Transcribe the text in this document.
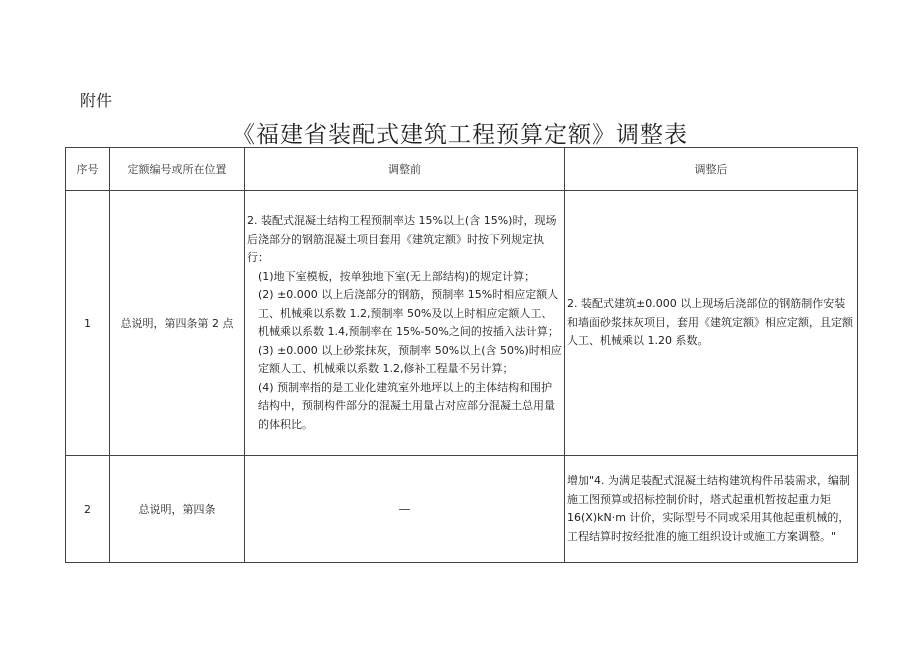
附件
《福建省装配式建筑工程预算定额》调整表
序号	定额编号或所在位置	调整前	调整后
1	总说明，第四条第 2 点	2. 装配式混凝土结构工程预制率达 15%以上(含 15%)时，现场后浇部分的钢筋混凝土项目套用《建筑定额》时按下列规定执行：
(1)地下室模板，按单独地下室(无上部结构)的规定计算；
(2) ±0.000 以上后浇部分的钢筋，预制率 15%时相应定额人工、机械乘以系数 1.2,预制率 50%及以上时相应定额人工、机械乘以系数 1.4,预制率在 15%-50%之间的按插入法计算；
(3) ±0.000 以上砂浆抹灰，预制率 50%以上(含 50%)时相应定额人工、机械乘以系数 1.2,修补工程量不另计算；
(4) 预制率指的是工业化建筑室外地坪以上的主体结构和围护结构中，预制构件部分的混凝土用量占对应部分混凝土总用量的体积比。	2. 装配式建筑±0.000 以上现场后浇部位的钢筋制作安装和墙面砂浆抹灰项目，套用《建筑定额》相应定额，且定额人工、机械乘以 1.20 系数。

2	总说明，第四条	—	增加"4. 为满足装配式混凝土结构建筑构件吊装需求，编制施工图预算或招标控制价时，塔式起重机暂按起重力矩 16(X)kN·m 计价，实际型号不同或采用其他起重机械的，工程结算时按经批准的施工组织设计或施工方案调整。"
